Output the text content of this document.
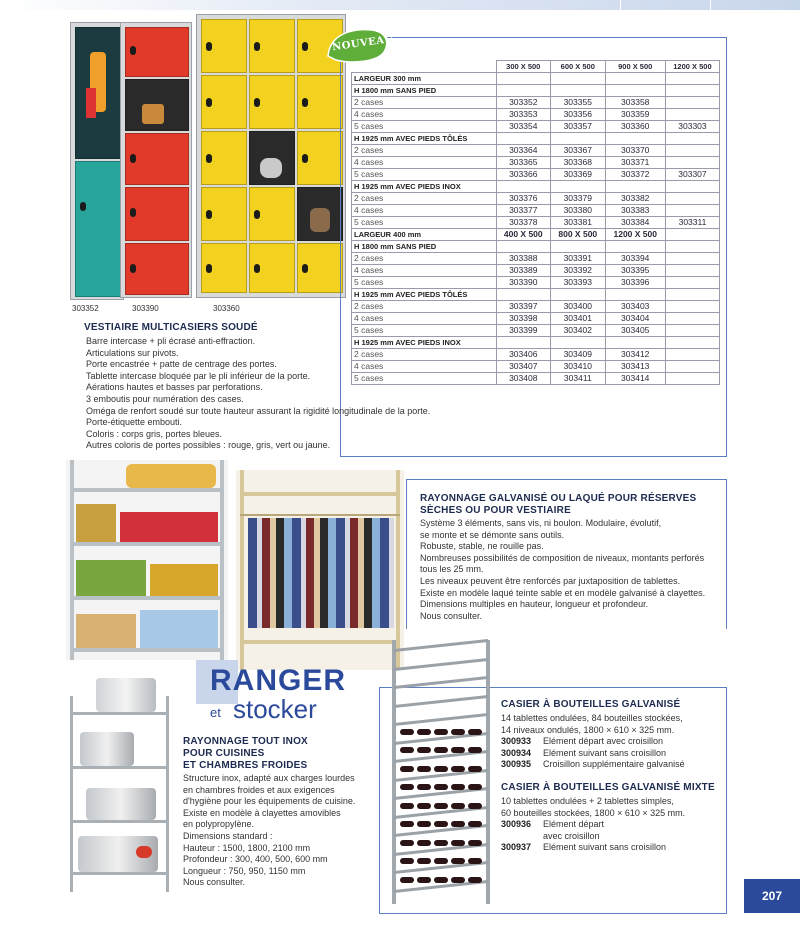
303352	303390	303360
NOUVEAU
	300 X 500	600 X 500	900 X 500	1200 X 500
LARGEUR 300 mm				
H 1800 mm SANS PIED				
2 cases	303352	303355	303358	
4 cases	303353	303356	303359	
5 cases	303354	303357	303360	303303
H 1925 mm AVEC PIEDS TÔLÉS				
2 cases	303364	303367	303370	
4 cases	303365	303368	303371	
5 cases	303366	303369	303372	303307
H 1925 mm AVEC PIEDS INOX				
2 cases	303376	303379	303382	
4 cases	303377	303380	303383	
5 cases	303378	303381	303384	303311
LARGEUR 400 mm	400 X 500	800 X 500	1200 X 500	
H 1800 mm SANS PIED				
2 cases	303388	303391	303394	
4 cases	303389	303392	303395	
5 cases	303390	303393	303396	
H 1925 mm AVEC PIEDS TÔLÉS				
2 cases	303397	303400	303403	
4 cases	303398	303401	303404	
5 cases	303399	303402	303405	
H 1925 mm AVEC PIEDS INOX				
2 cases	303406	303409	303412	
4 cases	303407	303410	303413	
5 cases	303408	303411	303414	
VESTIAIRE MULTICASIERS SOUDÉ
Barre intercase + pli écrasé anti-effraction.
Articulations sur pivots.
Porte encastrée + patte de centrage des portes.
Tablette intercase bloquée par le pli inférieur de la porte.
Aérations hautes et basses par perforations.
3 emboutis pour numération des cases.
Oméga de renfort soudé sur toute hauteur assurant la rigidité longitudinale de la porte.
Porte-étiquette embouti.
Coloris : corps gris, portes bleues.
Autres coloris de portes possibles : rouge, gris, vert ou jaune.
RAYONNAGE GALVANISÉ OU LAQUÉ POUR RÉSERVES
SÈCHES OU POUR VESTIAIRE
Système 3 éléments, sans vis, ni boulon. Modulaire, évolutif,
se monte et se démonte sans outils.
Robuste, stable, ne rouille pas.
Nombreuses possibilités de composition de niveaux, montants perforés
tous les 25 mm.
Les niveaux peuvent être renforcés par juxtaposition de tablettes.
Existe en modèle laqué teinte sable et en modèle galvanisé à clayettes.
Dimensions multiples en hauteur, longueur et profondeur.
Nous consulter.
RANGER
et stocker
RAYONNAGE TOUT INOX
POUR CUISINES
ET CHAMBRES FROIDES
Structure inox, adapté aux charges lourdes
en chambres froides et aux exigences
d'hygiène pour les équipements de cuisine.
Existe en modèle à clayettes amovibles
en polypropylène.
Dimensions standard :
Hauteur : 1500, 1800, 2100 mm
Profondeur : 300, 400, 500, 600 mm
Longueur : 750, 950, 1150 mm
Nous consulter.
CASIER À BOUTEILLES GALVANISÉ
14 tablettes ondulées, 84 bouteilles stockées,
14 niveaux ondulés, 1800 × 610 × 325 mm.
300933 Elément départ avec croisillon
300934 Elément suivant sans croisillon
300935 Croisillon supplémentaire galvanisé
CASIER À BOUTEILLES GALVANISÉ MIXTE
10 tablettes ondulées + 2 tablettes simples,
60 bouteilles stockées, 1800 × 610 × 325 mm.
300936 Elément départ
avec croisillon
300937 Elément suivant sans croisillon
207
